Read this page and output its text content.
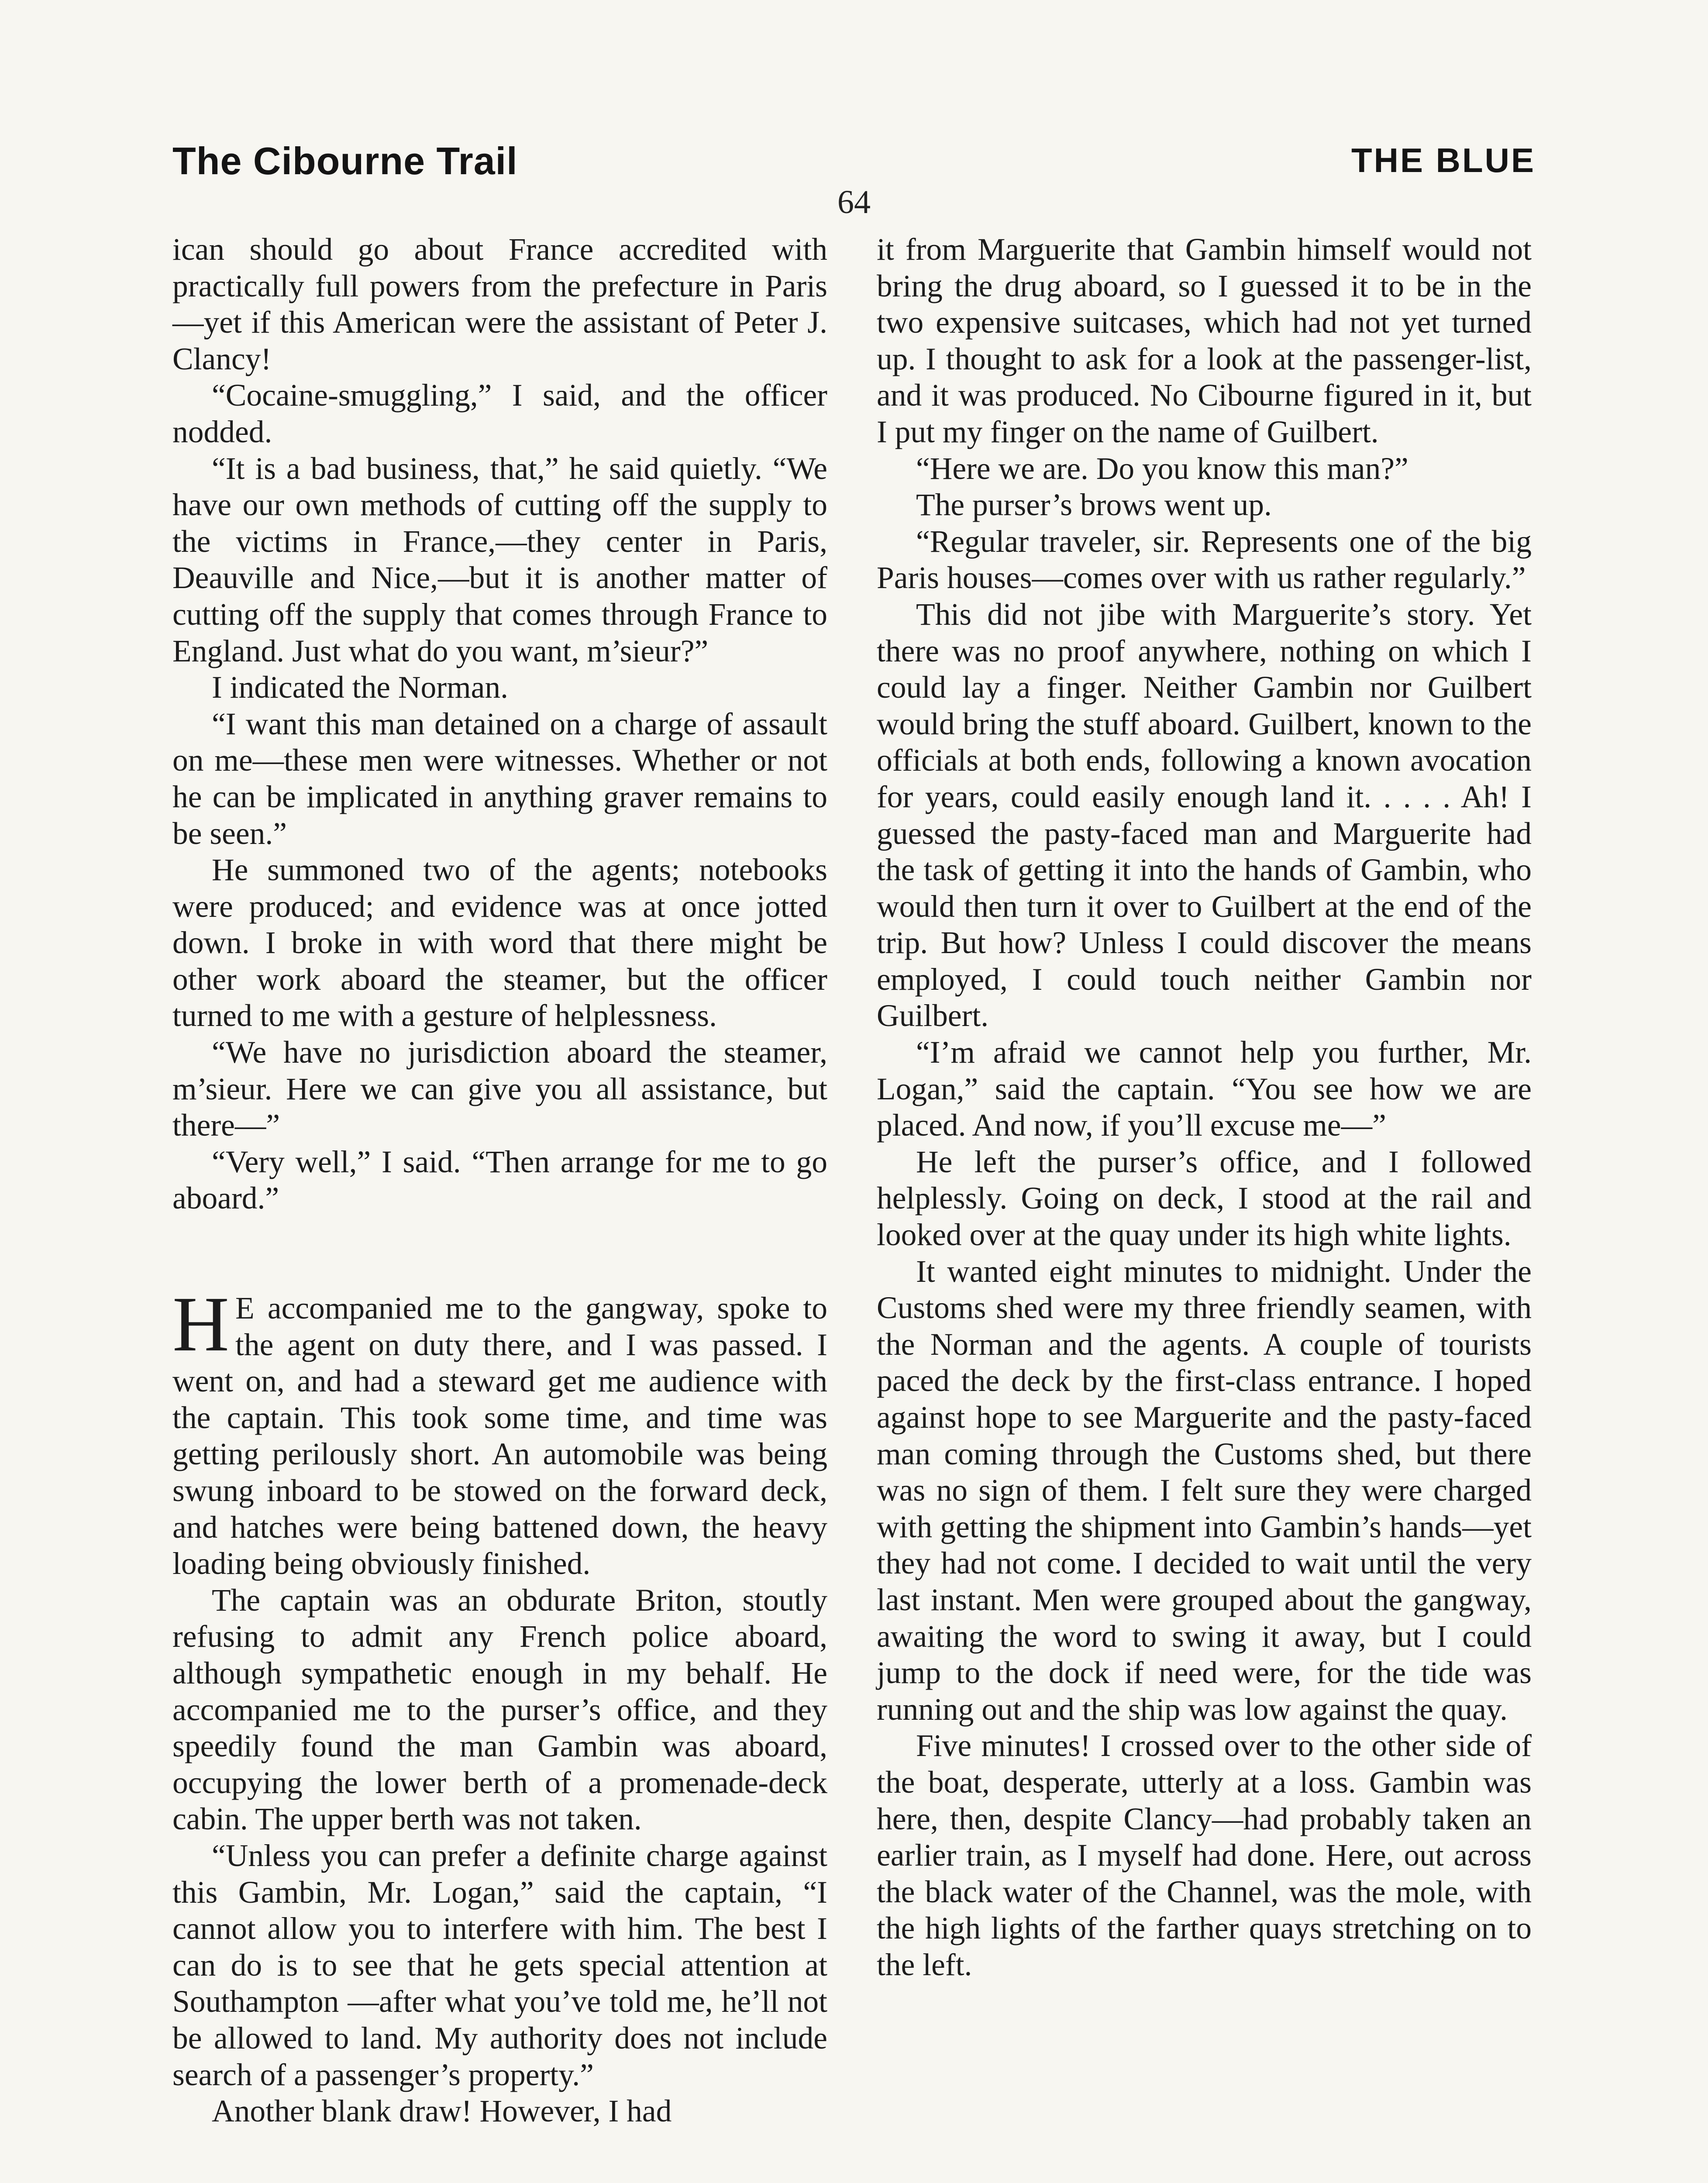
The Cibourne Trail	THE BLUE
64

ican should go about France accredited with practically full powers from the prefecture in Paris—yet if this American were the assistant of Peter J. Clancy!

“Cocaine-smuggling,” I said, and the officer nodded.

“It is a bad business, that,” he said quietly. “We have our own methods of cutting off the supply to the victims in France,—they center in Paris, Deauville and Nice,—but it is another matter of cutting off the supply that comes through France to England. Just what do you want, m’sieur?”

I indicated the Norman.

“I want this man detained on a charge of assault on me—these men were witnesses. Whether or not he can be implicated in anything graver remains to be seen.”

He summoned two of the agents; notebooks were produced; and evidence was at once jotted down. I broke in with word that there might be other work aboard the steamer, but the officer turned to me with a gesture of helplessness.

“We have no jurisdiction aboard the steamer, m’sieur. Here we can give you all assistance, but there—”

“Very well,” I said. “Then arrange for me to go aboard.”

H E accompanied me to the gangway, spoke to the agent on duty there, and I was passed. I went on, and had a steward get me audience with the captain. This took some time, and time was getting perilously short. An automobile was being swung inboard to be stowed on the forward deck, and hatches were being battened down, the heavy loading being obviously finished.

The captain was an obdurate Briton, stoutly refusing to admit any French police aboard, although sympathetic enough in my behalf. He accompanied me to the purser’s office, and they speedily found the man Gambin was aboard, occupying the lower berth of a promenade-deck cabin. The upper berth was not taken.

“Unless you can prefer a definite charge against this Gambin, Mr. Logan,” said the captain, “I cannot allow you to interfere with him. The best I can do is to see that he gets special attention at Southampton —after what you’ve told me, he’ll not be allowed to land. My authority does not include search of a passenger’s property.”

Another blank draw! However, I had

it from Marguerite that Gambin himself would not bring the drug aboard, so I guessed it to be in the two expensive suitcases, which had not yet turned up. I thought to ask for a look at the passenger-list, and it was produced. No Cibourne figured in it, but I put my finger on the name of Guilbert.

“Here we are. Do you know this man?”

The purser’s brows went up.

“Regular traveler, sir. Represents one of the big Paris houses—comes over with us rather regularly.”

This did not jibe with Marguerite’s story. Yet there was no proof anywhere, nothing on which I could lay a finger. Neither Gambin nor Guilbert would bring the stuff aboard. Guilbert, known to the officials at both ends, following a known avocation for years, could easily enough land it. . . . . Ah! I guessed the pasty-faced man and Marguerite had the task of getting it into the hands of Gambin, who would then turn it over to Guilbert at the end of the trip. But how? Unless I could discover the means employed, I could touch neither Gambin nor Guilbert.

“I’m afraid we cannot help you further, Mr. Logan,” said the captain. “You see how we are placed. And now, if you’ll excuse me—”

He left the purser’s office, and I followed helplessly. Going on deck, I stood at the rail and looked over at the quay under its high white lights.

It wanted eight minutes to midnight. Under the Customs shed were my three friendly seamen, with the Norman and the agents. A couple of tourists paced the deck by the first-class entrance. I hoped against hope to see Marguerite and the pasty-faced man coming through the Customs shed, but there was no sign of them. I felt sure they were charged with getting the shipment into Gambin’s hands—yet they had not come. I decided to wait until the very last instant. Men were grouped about the gangway, awaiting the word to swing it away, but I could jump to the dock if need were, for the tide was running out and the ship was low against the quay.

Five minutes! I crossed over to the other side of the boat, desperate, utterly at a loss. Gambin was here, then, despite Clancy—had probably taken an earlier train, as I myself had done. Here, out across the black water of the Channel, was the mole, with the high lights of the farther quays stretching on to the left.
